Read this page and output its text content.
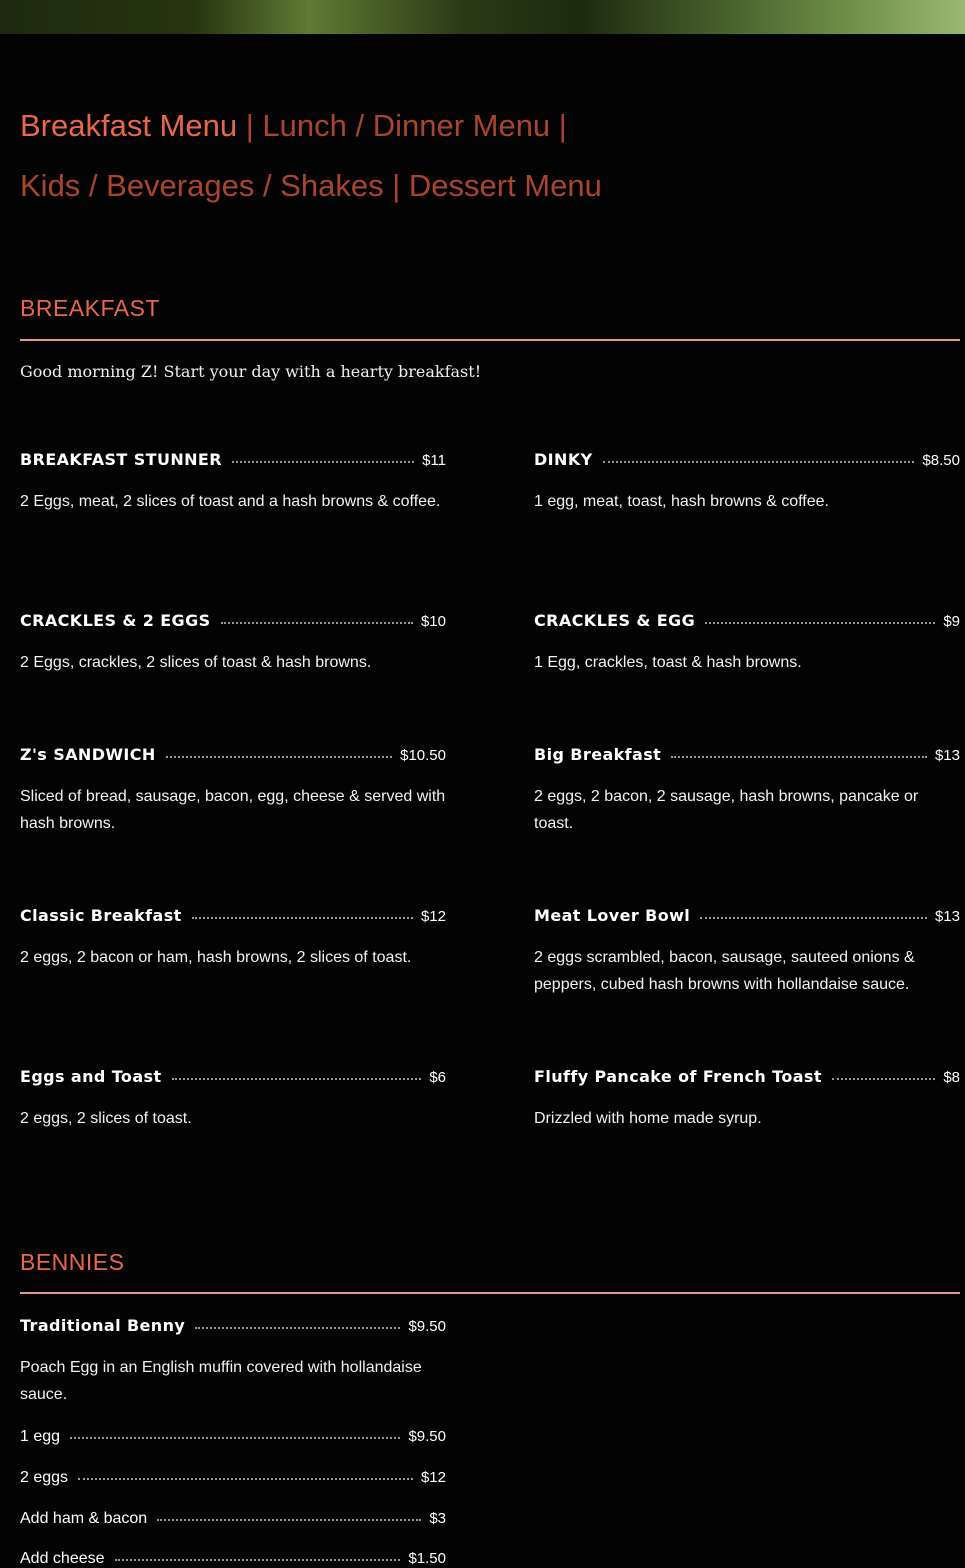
Breakfast Menu | Lunch / Dinner Menu |
Kids / Beverages / Shakes | Dessert Menu
BREAKFAST
Good morning Z! Start your day with a hearty breakfast!
BREAKFAST STUNNER	$11
2 Eggs, meat, 2 slices of toast and a hash browns & coffee.
DINKY	$8.50
1 egg, meat, toast, hash browns & coffee.
CRACKLES & 2 EGGS	$10
2 Eggs, crackles, 2 slices of toast & hash browns.
CRACKLES & EGG	$9
1 Egg, crackles, toast & hash browns.
Z's SANDWICH	$10.50
Sliced of bread, sausage, bacon, egg, cheese & served with hash browns.
Big Breakfast	$13
2 eggs, 2 bacon, 2 sausage, hash browns, pancake or toast.
Classic Breakfast	$12
2 eggs, 2 bacon or ham, hash browns, 2 slices of toast.
Meat Lover Bowl	$13
2 eggs scrambled, bacon, sausage, sauteed onions & peppers, cubed hash browns with hollandaise sauce.
Eggs and Toast	$6
2 eggs, 2 slices of toast.
Fluffy Pancake of French Toast	$8
Drizzled with home made syrup.
BENNIES
Traditional Benny	$9.50
Poach Egg in an English muffin covered with hollandaise sauce.
1 egg	$9.50
2 eggs	$12
Add ham & bacon	$3
Add cheese	$1.50
